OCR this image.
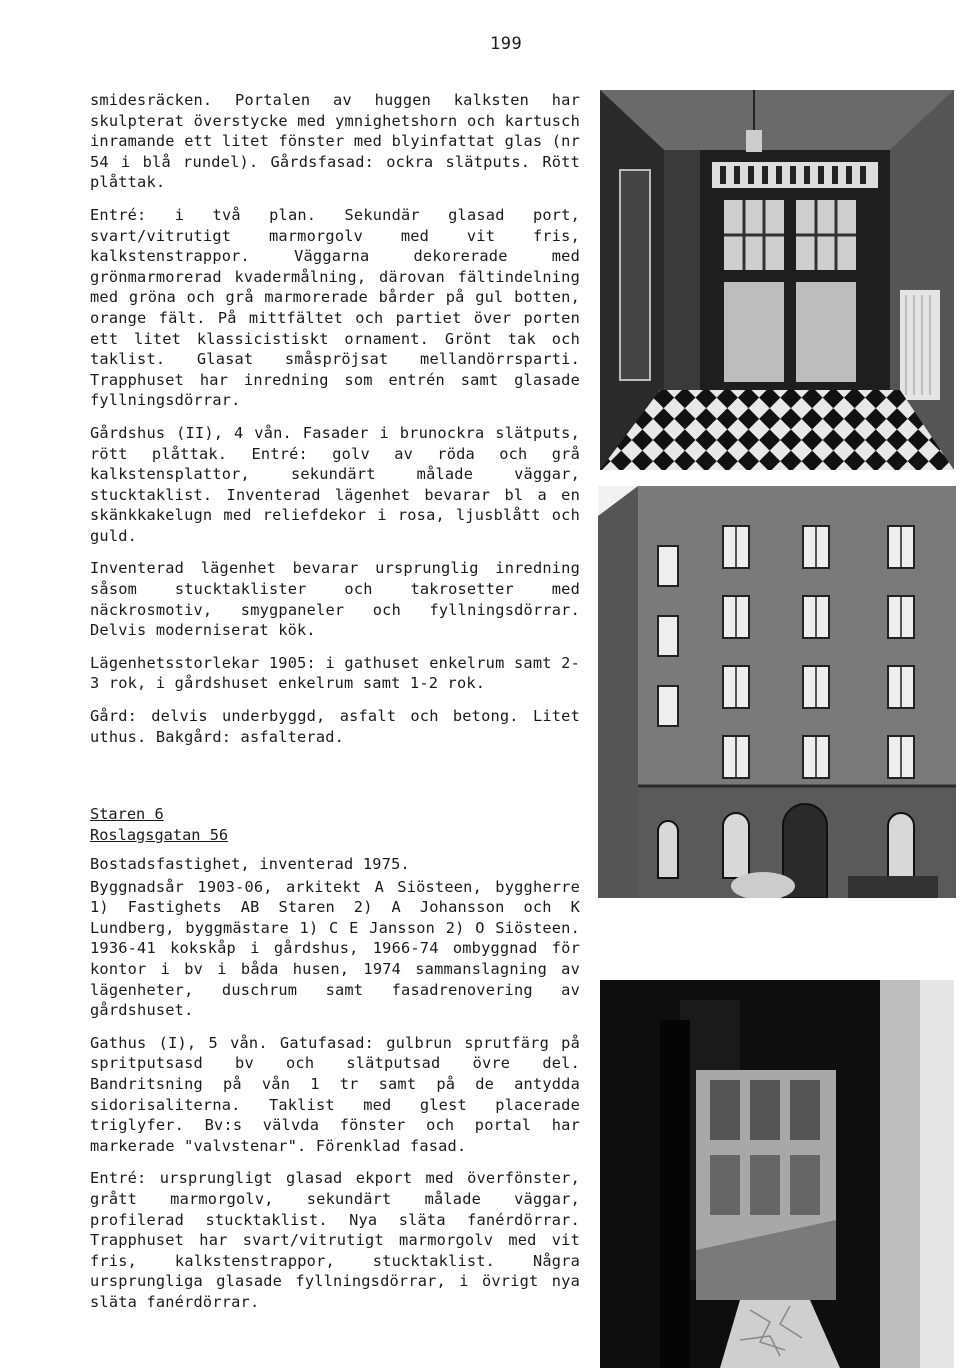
199

smidesräcken. Portalen av huggen kalksten har skulpterat överstycke med ymnighetshorn och kartusch inramande ett litet fönster med blyinfattat glas (nr 54 i blå rundel). Gårdsfasad: ockra slätputs. Rött plåttak.

Entré: i två plan. Sekundär glasad port, svart/vitrutigt marmorgolv med vit fris, kalkstenstrappor. Väggarna dekorerade med grönmarmorerad kvadermålning, därovan fältindelning med gröna och grå marmorerade bårder på gul botten, orange fält. På mittfältet och partiet över porten ett litet klassicistiskt ornament. Grönt tak och taklist. Glasat småspröjsat mellandörrsparti. Trapphuset har inredning som entrén samt glasade fyllningsdörrar.

Gårdshus (II), 4 vån. Fasader i brunockra slätputs, rött plåttak. Entré: golv av röda och grå kalkstensplattor, sekundärt målade väggar, stucktaklist. Inventerad lägenhet bevarar bl a en skänkkakelugn med reliefdekor i rosa, ljusblått och guld.

Inventerad lägenhet bevarar ursprunglig inredning såsom stucktaklister och takrosetter med näckrosmotiv, smygpaneler och fyllningsdörrar. Delvis moderniserat kök.

Lägenhetsstorlekar 1905: i gathuset enkelrum samt 2-3 rok, i gårdshuset enkelrum samt 1-2 rok.

Gård: delvis underbyggd, asfalt och betong. Litet uthus. Bakgård: asfalterad.

Staren 6
Roslagsgatan 56

Bostadsfastighet, inventerad 1975.

Byggnadsår 1903-06, arkitekt A Siösteen, byggherre 1) Fastighets AB Staren 2) A Johansson och K Lundberg, byggmästare 1) C E Jansson 2) O Siösteen. 1936-41 kokskåp i gårdshus, 1966-74 ombyggnad för kontor i bv i båda husen, 1974 sammanslagning av lägenheter, duschrum samt fasadrenovering av gårdshuset.

Gathus (I), 5 vån. Gatufasad: gulbrun sprutfärg på spritputsasd bv och slätputsad övre del. Bandritsning på vån 1 tr samt på de antydda sidorisaliterna. Taklist med glest placerade triglyfer. Bv:s välvda fönster och portal har markerade "valvstenar". Förenklad fasad.

Entré: ursprungligt glasad ekport med överfönster, grått marmorgolv, sekundärt målade väggar, profilerad stucktaklist. Nya släta fanérdörrar. Trapphuset har svart/vitrutigt marmorgolv med vit fris, kalkstenstrappor, stucktaklist. Några ursprungliga glasade fyllningsdörrar, i övrigt nya släta fanérdörrar.
